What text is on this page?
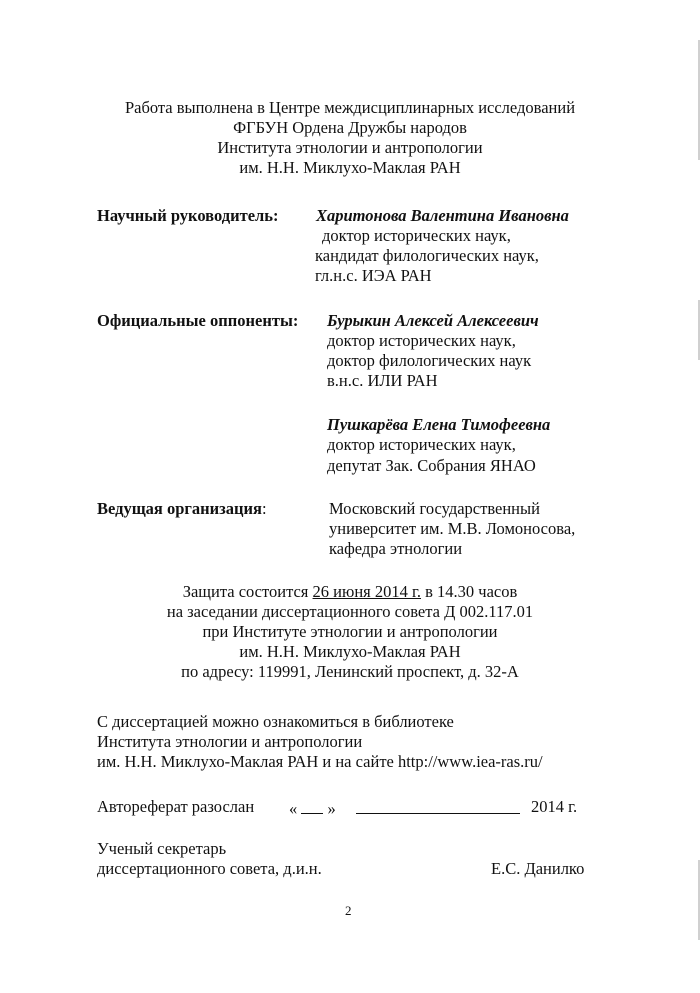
Работа выполнена в Центре междисциплинарных исследований
ФГБУН Ордена Дружбы народов
Института этнологии и антропологии
им. Н.Н. Миклухо-Маклая РАН
Научный руководитель: Харитонова Валентина Ивановна
доктор исторических наук,
кандидат филологических наук,
гл.н.с. ИЭА РАН
Официальные оппоненты: Бурыкин Алексей Алексеевич
доктор исторических наук,
доктор филологических наук
в.н.с. ИЛИ РАН
Пушкарёва Елена Тимофеевна
доктор исторических наук,
депутат Зак. Собрания ЯНАО
Ведущая организация:	Московский государственный
университет им. М.В. Ломоносова,
кафедра этнологии
Защита состоится 26 июня 2014 г. в 14.30 часов
на заседании диссертационного совета Д 002.117.01
при Институте этнологии и антропологии
им. Н.Н. Миклухо-Маклая РАН
по адресу: 119991, Ленинский проспект, д. 32-А
С диссертацией можно ознакомиться в библиотеке
Института этнологии и антропологии
им. Н.Н. Миклухо-Маклая РАН и на сайте http://www.iea-ras.ru/
Автореферат разослан « »	2014 г.
Ученый секретарь
диссертационного совета, д.и.н.	Е.С. Данилко
2
